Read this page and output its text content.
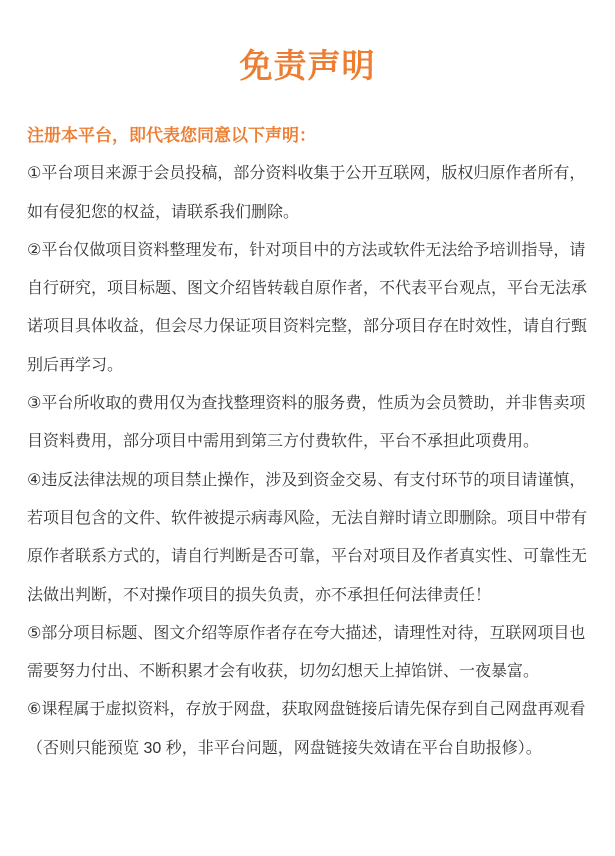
免责声明
注册本平台，即代表您同意以下声明：
①平台项目来源于会员投稿，部分资料收集于公开互联网，版权归原作者所有，
如有侵犯您的权益，请联系我们删除。
②平台仅做项目资料整理发布，针对项目中的方法或软件无法给予培训指导，请
自行研究，项目标题、图文介绍皆转载自原作者，不代表平台观点，平台无法承
诺项目具体收益，但会尽力保证项目资料完整，部分项目存在时效性，请自行甄
别后再学习。
③平台所收取的费用仅为查找整理资料的服务费，性质为会员赞助，并非售卖项
目资料费用，部分项目中需用到第三方付费软件，平台不承担此项费用。
④违反法律法规的项目禁止操作，涉及到资金交易、有支付环节的项目请谨慎，
若项目包含的文件、软件被提示病毒风险，无法自辩时请立即删除。项目中带有
原作者联系方式的，请自行判断是否可靠，平台对项目及作者真实性、可靠性无
法做出判断，不对操作项目的损失负责，亦不承担任何法律责任！
⑤部分项目标题、图文介绍等原作者存在夸大描述，请理性对待，互联网项目也
需要努力付出、不断积累才会有收获，切勿幻想天上掉馅饼、一夜暴富。
⑥课程属于虚拟资料，存放于网盘，获取网盘链接后请先保存到自己网盘再观看
（否则只能预览 30 秒，非平台问题，网盘链接失效请在平台自助报修）。
